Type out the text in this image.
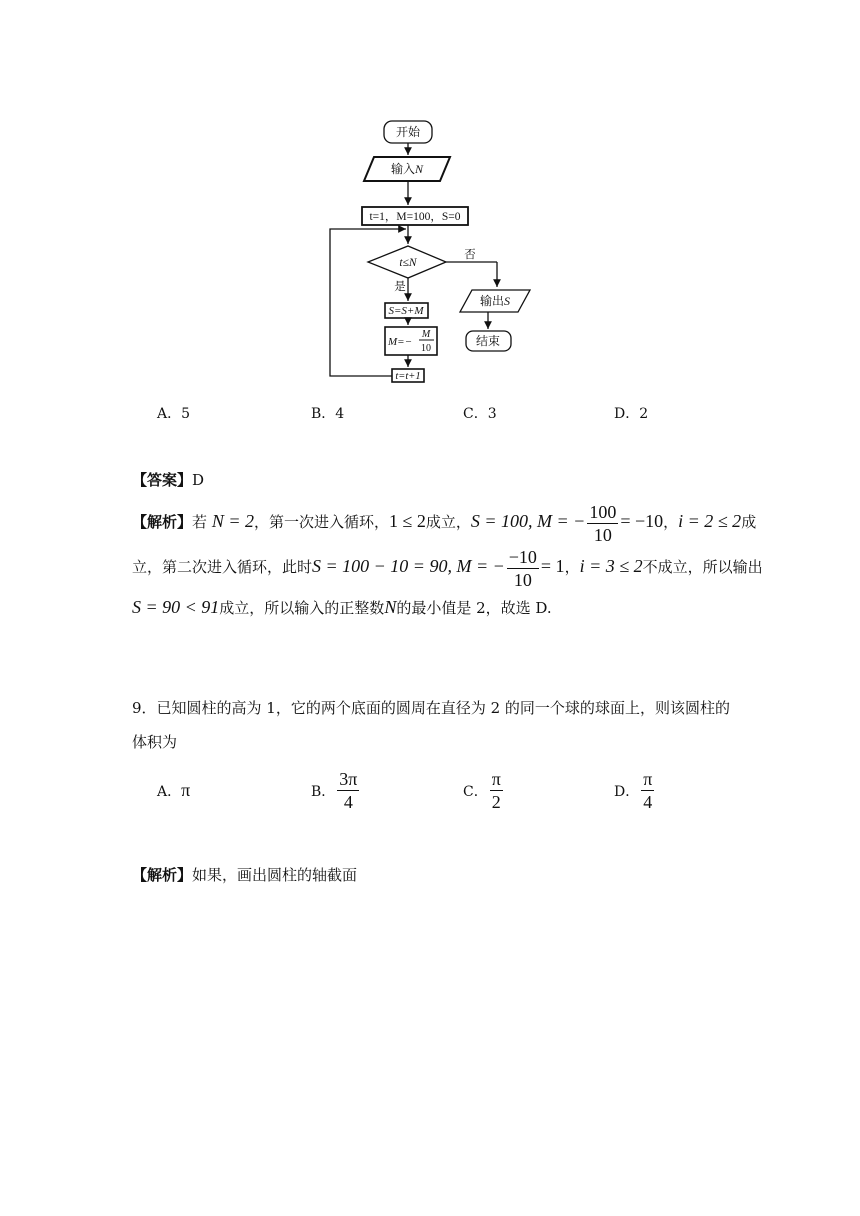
开始
输入N
t=1，M=100，S=0
t≤N
否
是
S=S+M
M=−
M
10
t=t+1
输出S
结束
A．5	B．4	C．3	D．2
【答案】D
【解析】若 N = 2，第一次进入循环，1 ≤ 2成立，S = 100, M = − $\frac{100}{10} = -10$，i = 2 ≤ 2成
立，第二次进入循环，此时S = 100 − 10 = 90, M = − $\frac{-10}{10} = 1$，i = 3 ≤ 2不成立，所以输出
S = 90 < 91成立，所以输入的正整数N的最小值是 2，故选 D.
9．已知圆柱的高为 1，它的两个底面的圆周在直径为 2 的同一个球的球面上，则该圆柱的
体积为
A．π	B． $\frac{3\pi}{4}$	C． $\frac{\pi}{2}$	D． $\frac{\pi}{4}$
【解析】如果，画出圆柱的轴截面
